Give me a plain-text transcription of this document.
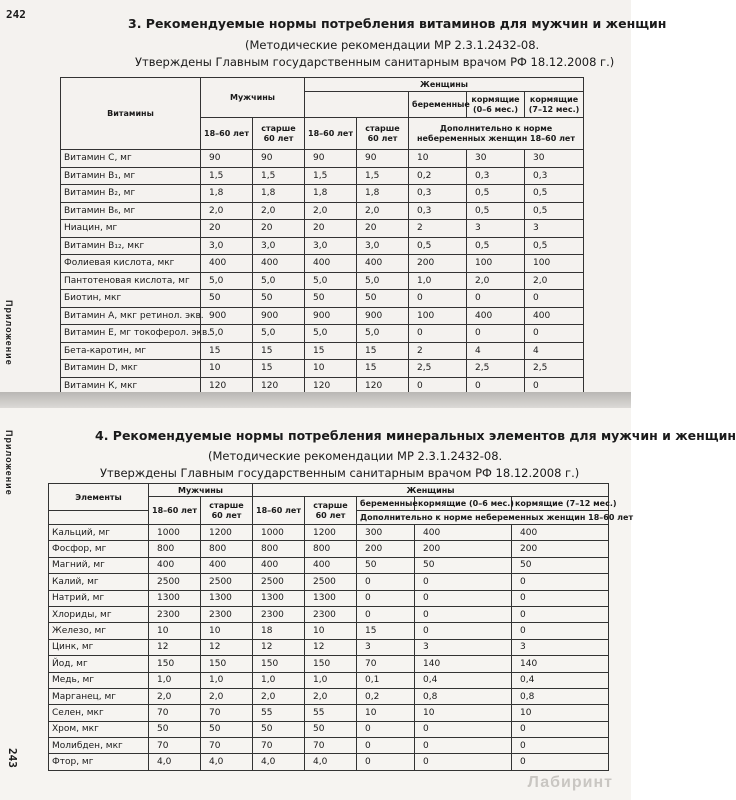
242
Приложение
3. Рекомендуемые нормы потребления витаминов для мужчин и женщин
(Методические рекомендации МР 2.3.1.2432-08.
Утверждены Главным государственным санитарным врачом РФ 18.12.2008 г.)
Витамины	Мужчины		Женщины				
					беременные	кормящие (0–6 мес.)	кормящие (7–12 мес.)
	18–60 лет	старше 60 лет	18–60 лет	старше 60 лет	Дополнительно к норме небеременных женщин 18–60 лет		
Витамин С, мг	90	90	90	90	10	30	30
Витамин В₁, мг	1,5	1,5	1,5	1,5	0,2	0,3	0,3
Витамин В₂, мг	1,8	1,8	1,8	1,8	0,3	0,5	0,5
Витамин В₆, мг	2,0	2,0	2,0	2,0	0,3	0,5	0,5
Ниацин, мг	20	20	20	20	2	3	3
Витамин В₁₂, мкг	3,0	3,0	3,0	3,0	0,5	0,5	0,5
Фолиевая кислота, мкг	400	400	400	400	200	100	100
Пантотеновая кислота, мг	5,0	5,0	5,0	5,0	1,0	2,0	2,0
Биотин, мкг	50	50	50	50	0	0	0
Витамин А, мкг ретинол. экв.	900	900	900	900	100	400	400
Витамин Е, мг токоферол. экв.	5,0	5,0	5,0	5,0	0	0	0
Бета-каротин, мг	15	15	15	15	2	4	4
Витамин D, мкг	10	15	10	15	2,5	2,5	2,5
Витамин К, мкг	120	120	120	120	0	0	0
Приложение
243
4. Рекомендуемые нормы потребления минеральных элементов для мужчин и женщин
(Методические рекомендации МР 2.3.1.2432-08.
Утверждены Главным государственным санитарным врачом РФ 18.12.2008 г.)
Лабиринт
Элементы	Мужчины		Женщины				
	18–60 лет	старше 60 лет	18–60 лет	старше 60 лет	беременные	кормящие (0–6 мес.)	кормящие (7–12 мес.)
					Дополнительно к норме небеременных женщин 18–60 лет		
Кальций, мг	1000	1200	1000	1200	300	400	400
Фосфор, мг	800	800	800	800	200	200	200
Магний, мг	400	400	400	400	50	50	50
Калий, мг	2500	2500	2500	2500	0	0	0
Натрий, мг	1300	1300	1300	1300	0	0	0
Хлориды, мг	2300	2300	2300	2300	0	0	0
Железо, мг	10	10	18	10	15	0	0
Цинк, мг	12	12	12	12	3	3	3
Йод, мг	150	150	150	150	70	140	140
Медь, мг	1,0	1,0	1,0	1,0	0,1	0,4	0,4
Марганец, мг	2,0	2,0	2,0	2,0	0,2	0,8	0,8
Селен, мкг	70	70	55	55	10	10	10
Хром, мкг	50	50	50	50	0	0	0
Молибден, мкг	70	70	70	70	0	0	0
Фтор, мг	4,0	4,0	4,0	4,0	0	0	0
